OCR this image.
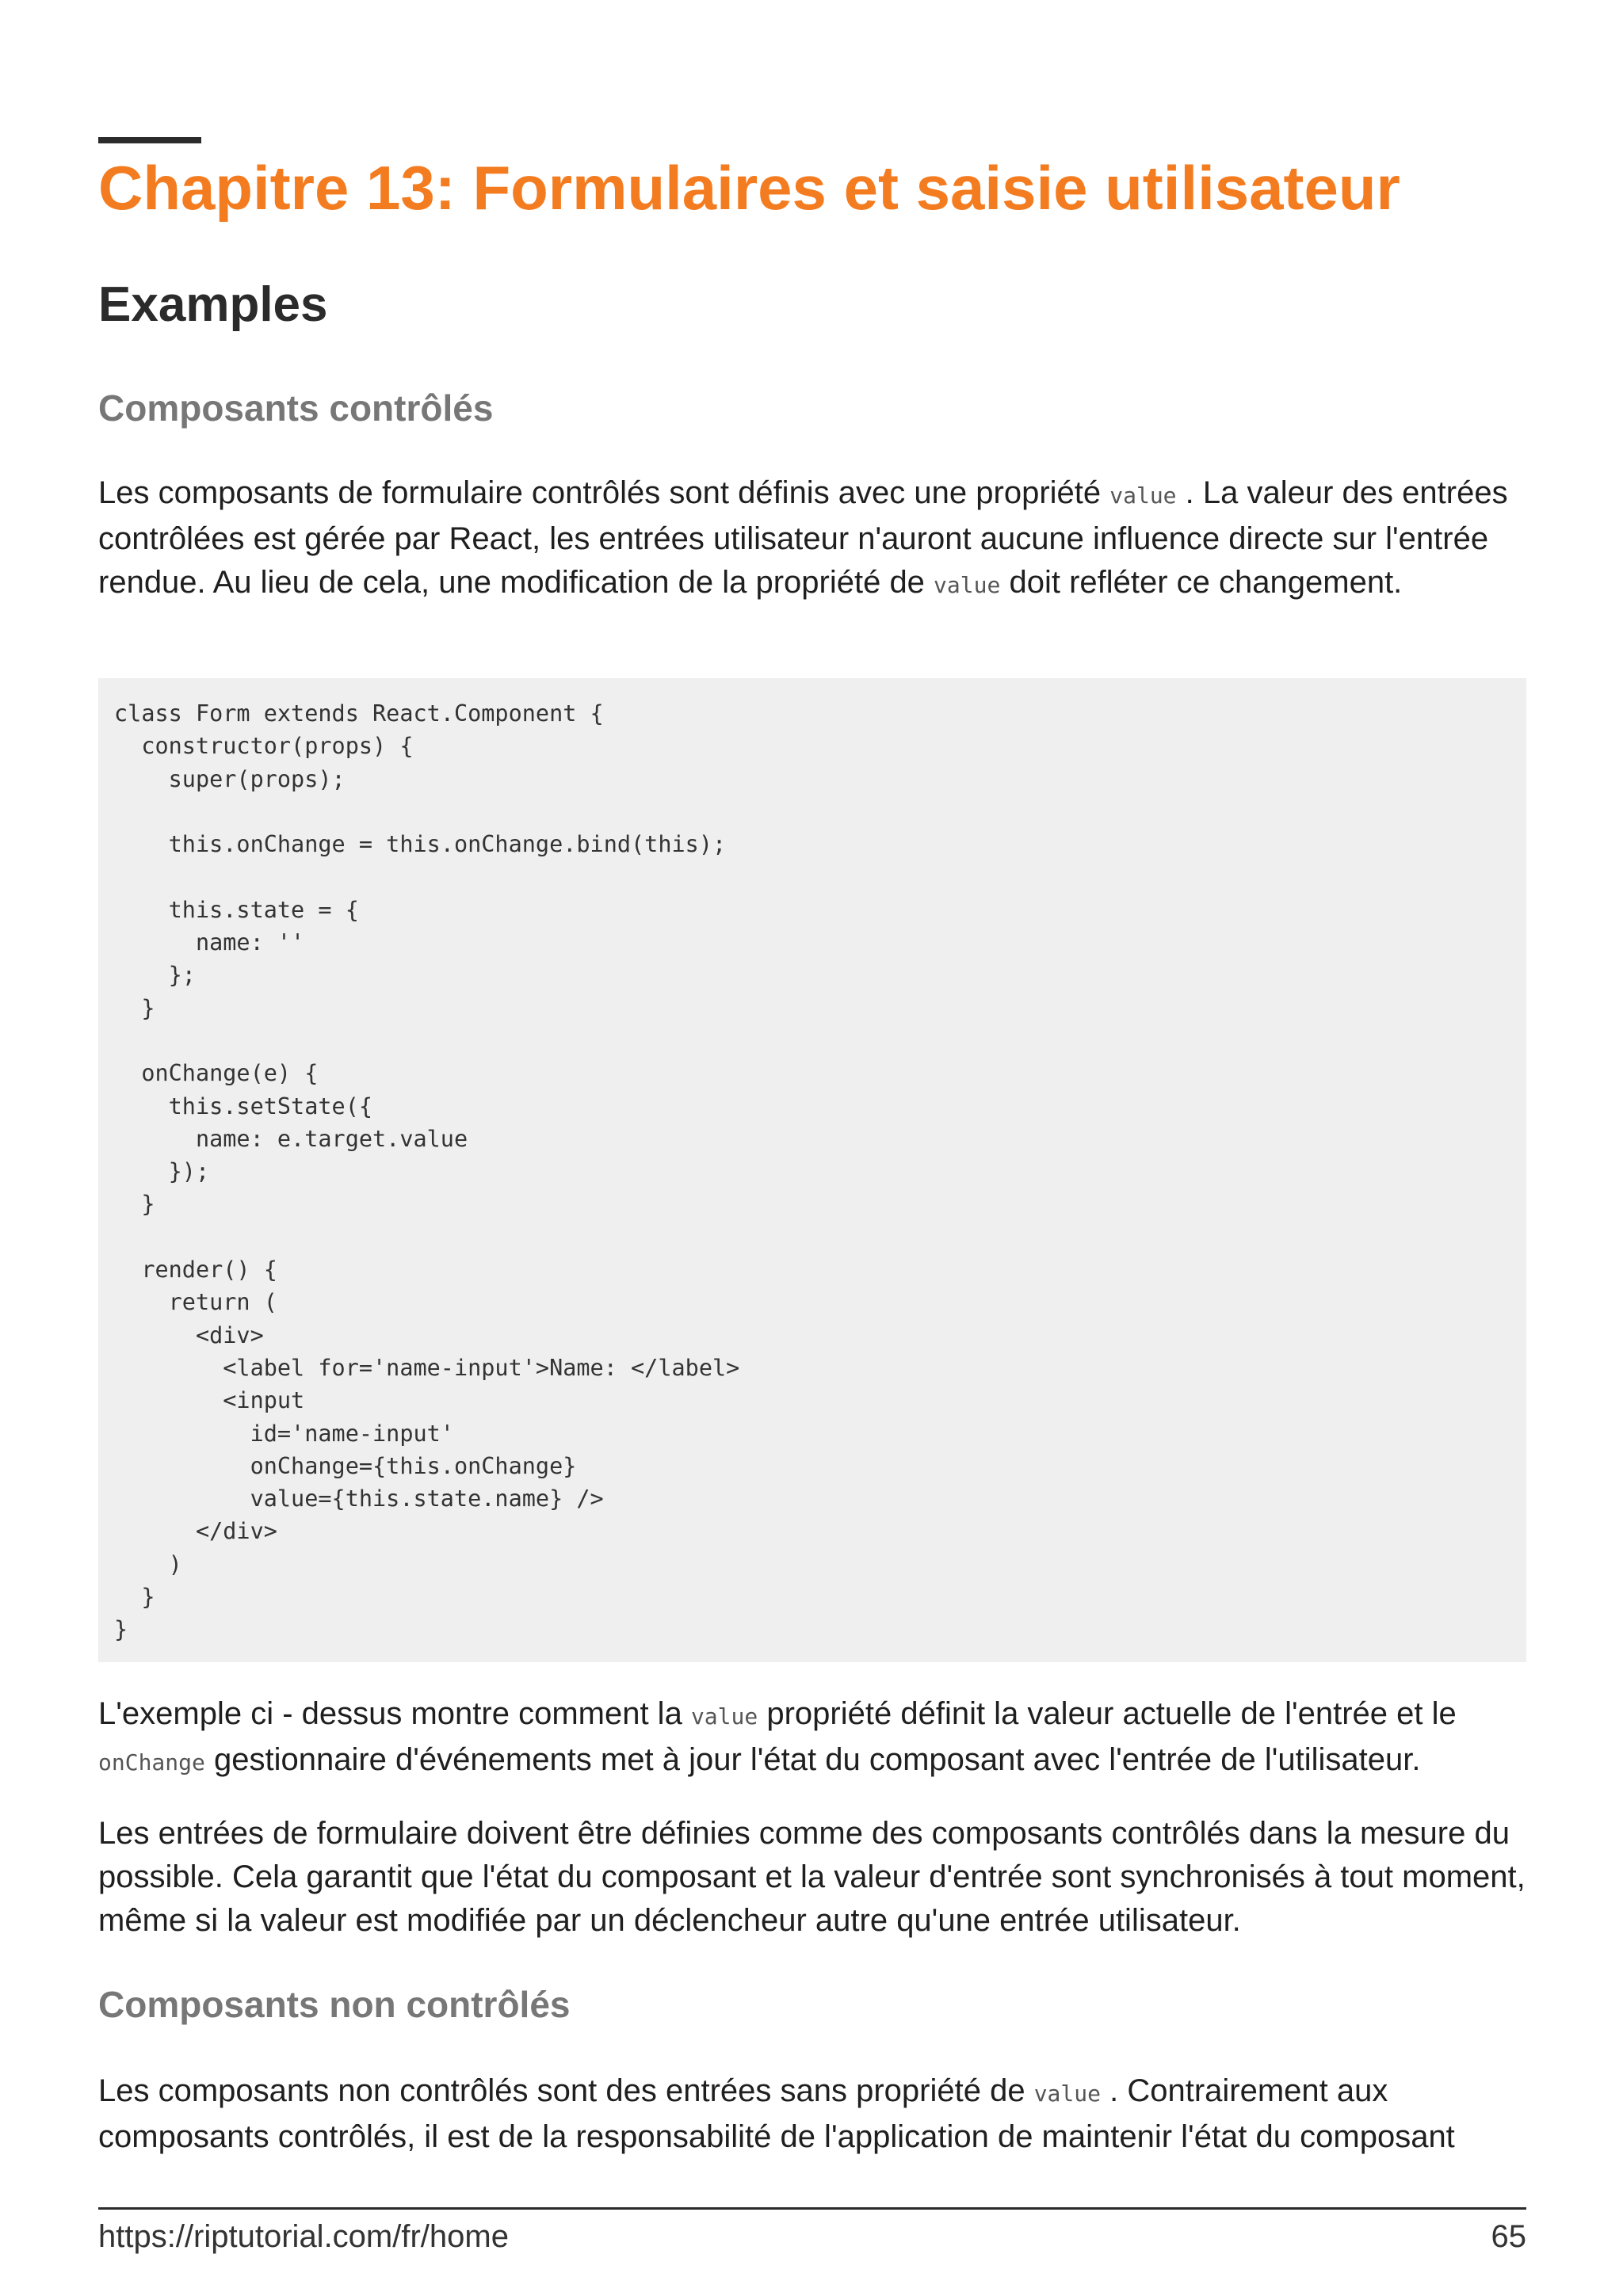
Chapitre 13: Formulaires et saisie utilisateur
Examples
Composants contrôlés

Les composants de formulaire contrôlés sont définis avec une propriété value . La valeur des entrées contrôlées est gérée par React, les entrées utilisateur n'auront aucune influence directe sur l'entrée rendue. Au lieu de cela, une modification de la propriété de value doit refléter ce changement.

class Form extends React.Component {
constructor(props) {
super(props);

this.onChange = this.onChange.bind(this);

this.state = {
name: ''
};
}

onChange(e) {
this.setState({
name: e.target.value
});
}

render() {
return (
<div>
<label for='name-input'>Name: </label>
<input
id='name-input'
onChange={this.onChange}
value={this.state.name} />
</div>
)
}
}

L'exemple ci - dessus montre comment la value propriété définit la valeur actuelle de l'entrée et le onChange gestionnaire d'événements met à jour l'état du composant avec l'entrée de l'utilisateur.

Les entrées de formulaire doivent être définies comme des composants contrôlés dans la mesure du possible. Cela garantit que l'état du composant et la valeur d'entrée sont synchronisés à tout moment, même si la valeur est modifiée par un déclencheur autre qu'une entrée utilisateur.

Composants non contrôlés

Les composants non contrôlés sont des entrées sans propriété de value . Contrairement aux composants contrôlés, il est de la responsabilité de l'application de maintenir l'état du composant

https://riptutorial.com/fr/home	65
